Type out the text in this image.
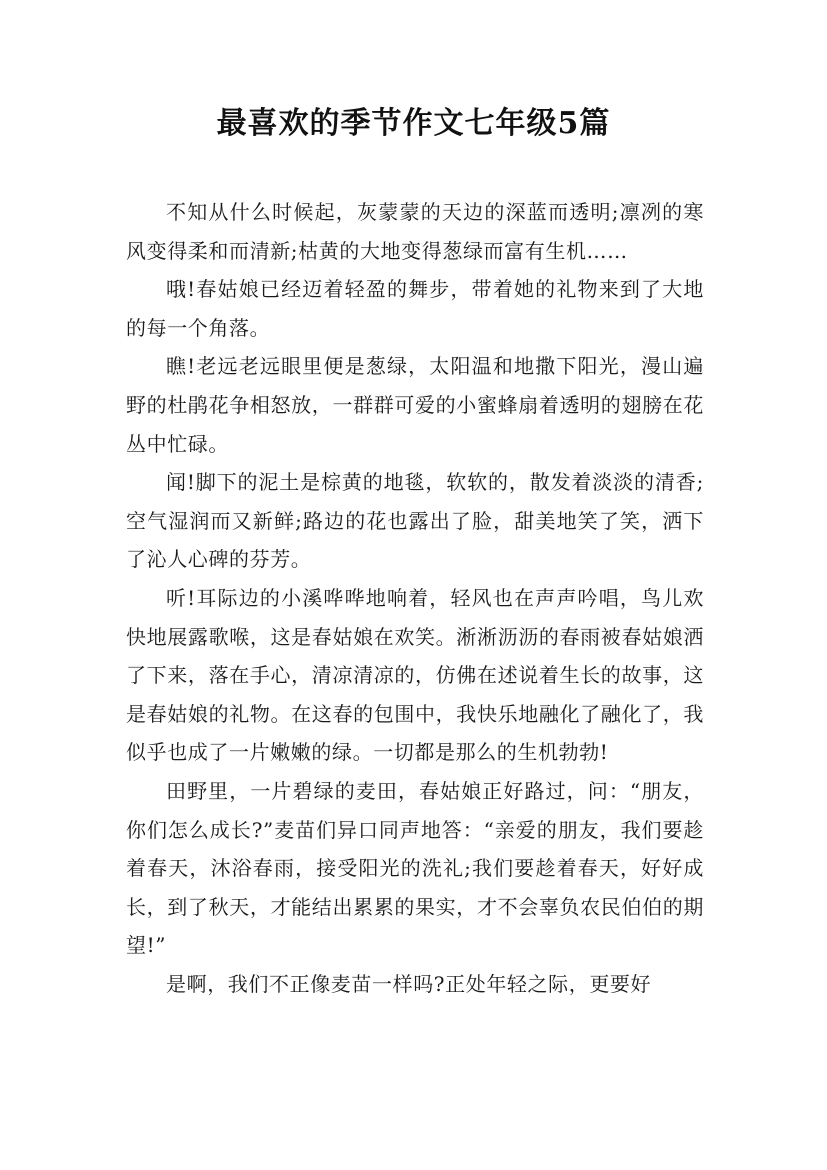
最喜欢的季节作文七年级5篇

不知从什么时候起，灰蒙蒙的天边的深蓝而透明;凛冽的寒风变得柔和而清新;枯黄的大地变得葱绿而富有生机……

哦!春姑娘已经迈着轻盈的舞步，带着她的礼物来到了大地的每一个角落。

瞧!老远老远眼里便是葱绿，太阳温和地撒下阳光，漫山遍野的杜鹃花争相怒放，一群群可爱的小蜜蜂扇着透明的翅膀在花丛中忙碌。

闻!脚下的泥土是棕黄的地毯，软软的，散发着淡淡的清香;空气湿润而又新鲜;路边的花也露出了脸，甜美地笑了笑，洒下了沁人心碑的芬芳。

听!耳际边的小溪哗哗地响着，轻风也在声声吟唱，鸟儿欢快地展露歌喉，这是春姑娘在欢笑。淅淅沥沥的春雨被春姑娘洒了下来，落在手心，清凉清凉的，仿佛在述说着生长的故事，这是春姑娘的礼物。在这春的包围中，我快乐地融化了融化了，我似乎也成了一片嫩嫩的绿。一切都是那么的生机勃勃!

田野里，一片碧绿的麦田，春姑娘正好路过，问：“朋友，你们怎么成长?”麦苗们异口同声地答：“亲爱的朋友，我们要趁着春天，沐浴春雨，接受阳光的洗礼;我们要趁着春天，好好成长，到了秋天，才能结出累累的果实，才不会辜负农民伯伯的期望!”

是啊，我们不正像麦苗一样吗?正处年轻之际，更要好
